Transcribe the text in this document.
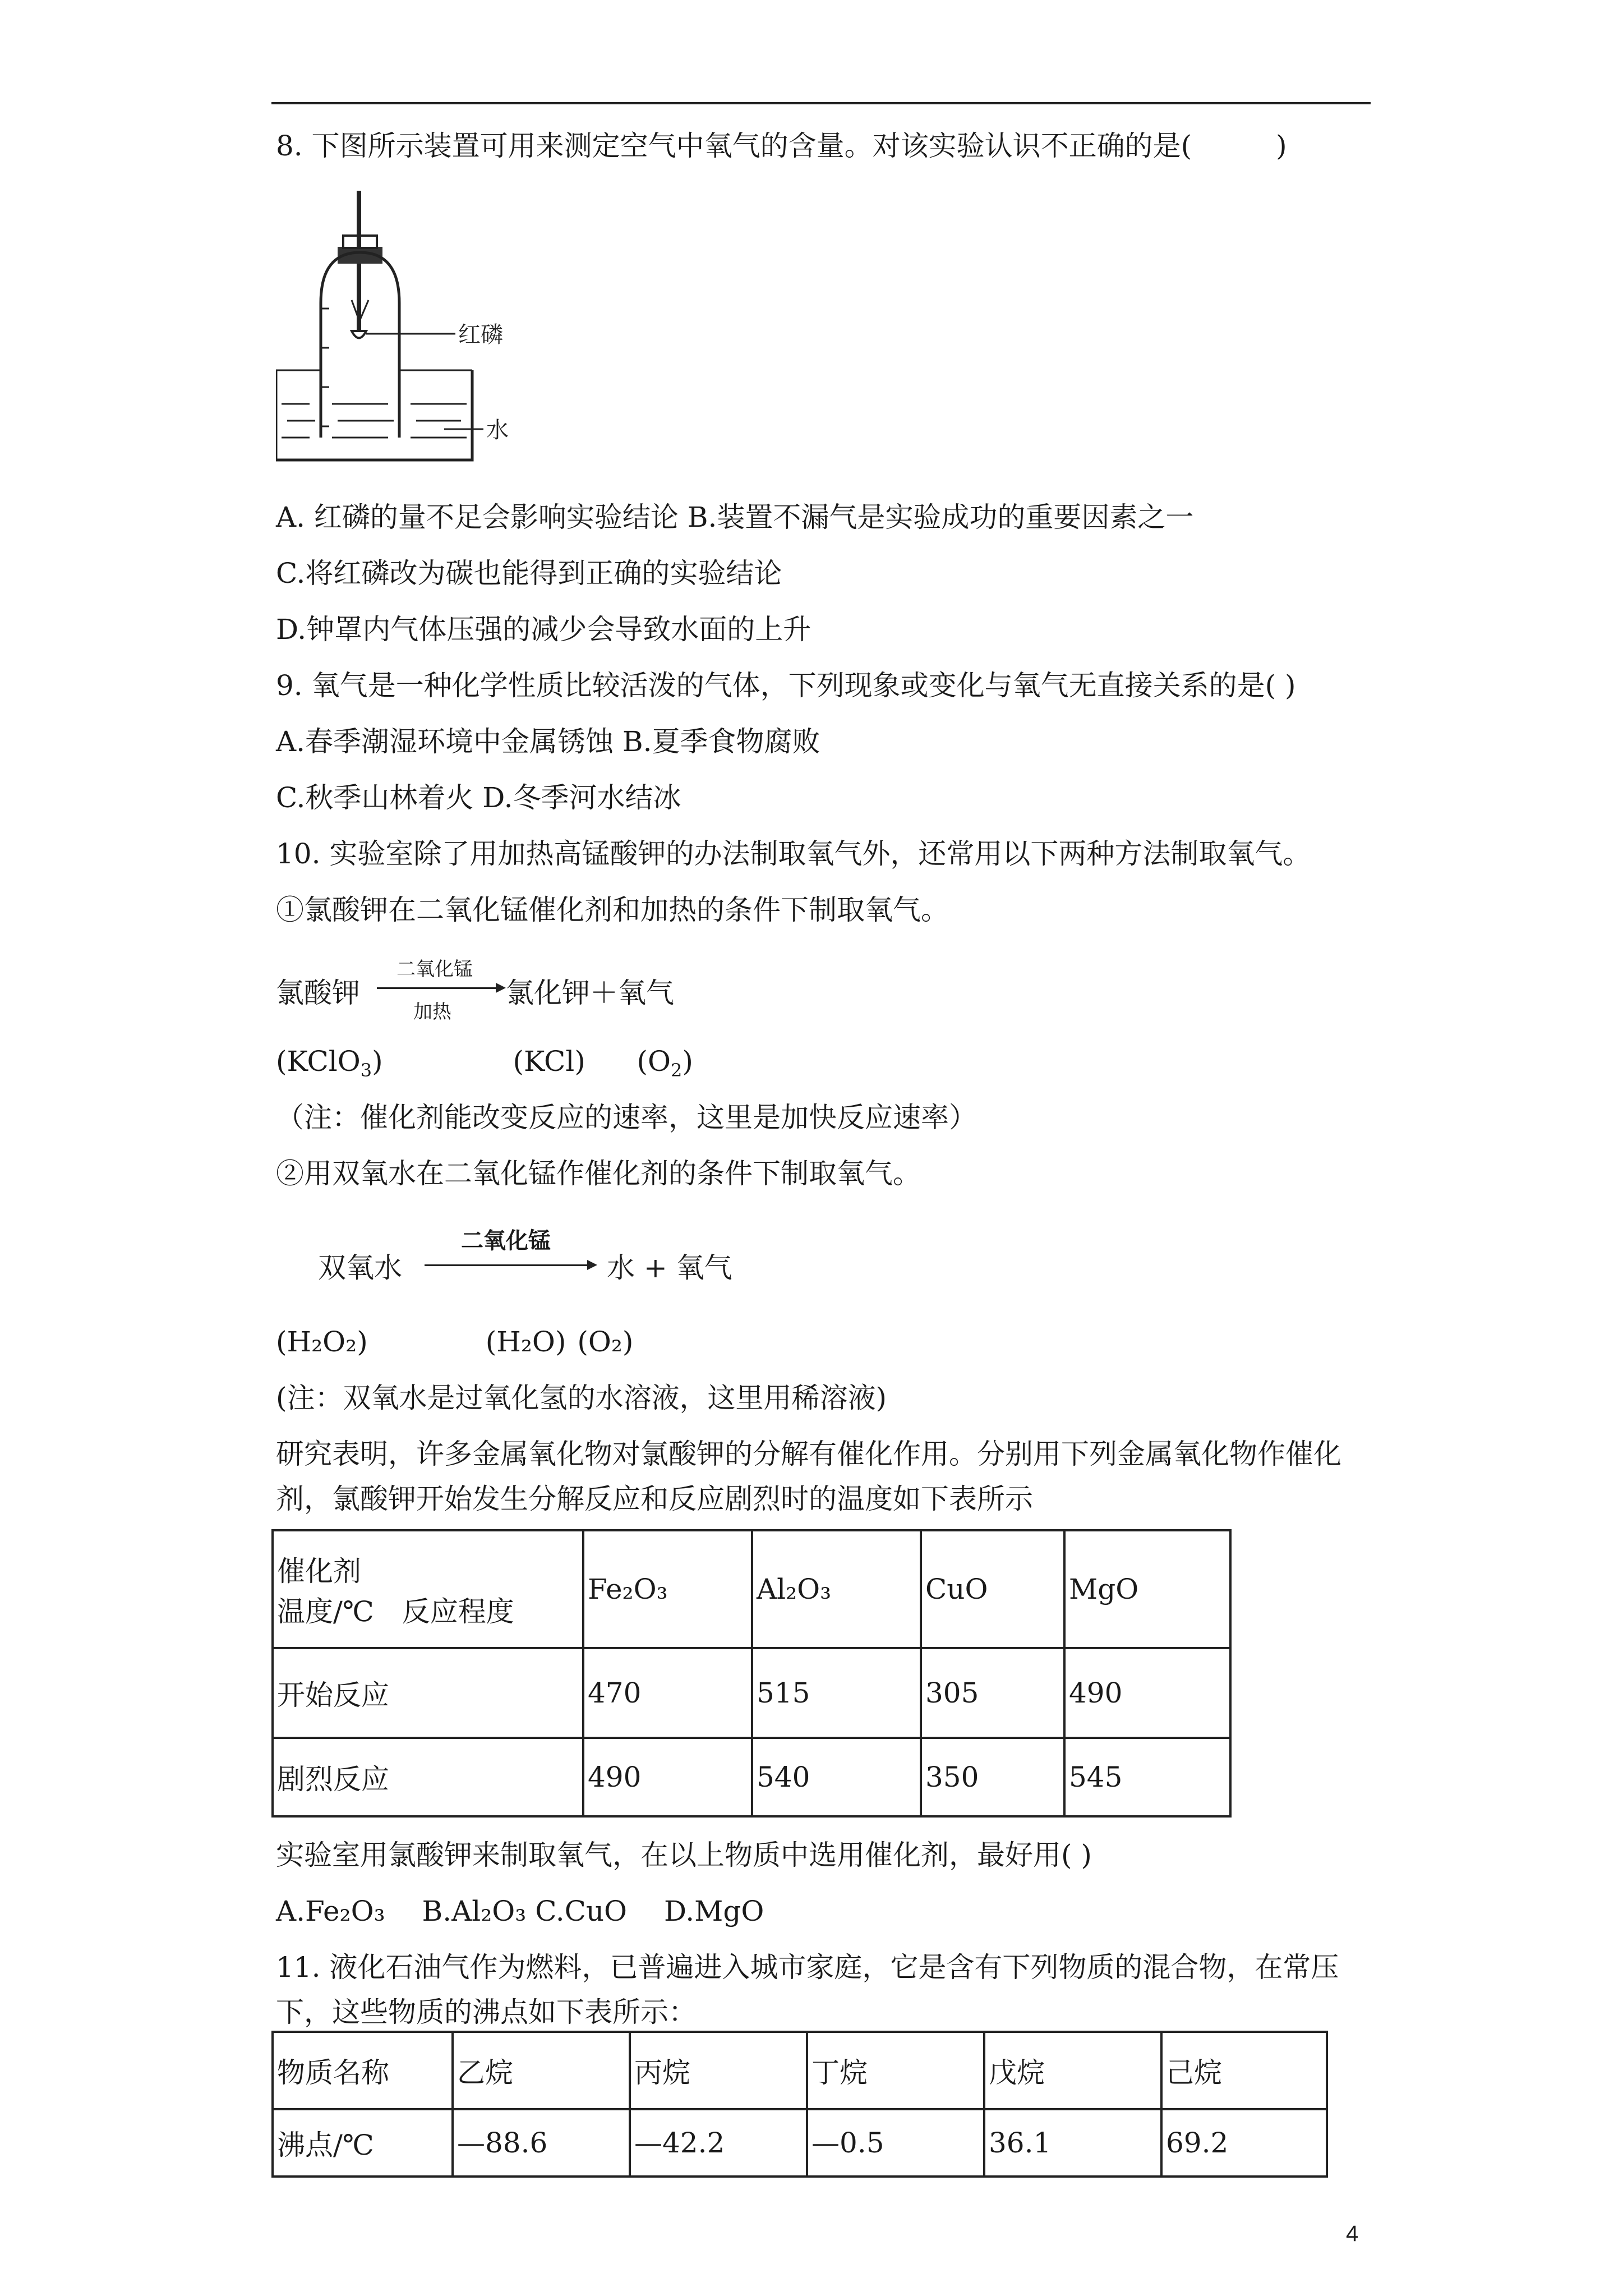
8. 下图所示装置可用来测定空气中氧气的含量。对该实验认识不正确的是(　　　)
红磷
水
A. 红磷的量不足会影响实验结论 B.装置不漏气是实验成功的重要因素之一
C.将红磷改为碳也能得到正确的实验结论
D.钟罩内气体压强的减少会导致水面的上升
9. 氧气是一种化学性质比较活泼的气体，下列现象或变化与氧气无直接关系的是( )
A.春季潮湿环境中金属锈蚀 B.夏季食物腐败
C.秋季山林着火 D.冬季河水结冰
10. 实验室除了用加热高锰酸钾的办法制取氧气外，还常用以下两种方法制取氧气。
①氯酸钾在二氧化锰催化剂和加热的条件下制取氧气。
氯酸钾
二氧化锰
加热
氯化钾＋氧气
(KClO$_3$)	(KCl) $(O_2)$
（注：催化剂能改变反应的速率，这里是加快反应速率）
②用双氧水在二氧化锰作催化剂的条件下制取氧气。
双氧水
二氧化锰
水 + 氧气
(H₂O₂)	(H₂O) (O₂)
(注：双氧水是过氧化氢的水溶液，这里用稀溶液)
研究表明，许多金属氧化物对氯酸钾的分解有催化作用。分别用下列金属氧化物作催化
剂，氯酸钾开始发生分解反应和反应剧烈时的温度如下表所示
催化剂
温度/℃　反应程度	Fe₂O₃	Al₂O₃	CuO	MgO
开始反应	470	515	305	490
剧烈反应	490	540	350	545
实验室用氯酸钾来制取氧气，在以上物质中选用催化剂，最好用( )
A.Fe₂O₃　 B.Al₂O₃ C.CuO　 D.MgO
11. 液化石油气作为燃料，已普遍进入城市家庭，它是含有下列物质的混合物，在常压
下，这些物质的沸点如下表所示：
物质名称	乙烷	丙烷	丁烷	戊烷	己烷
沸点/℃	—88.6	—42.2	—0.5	36.1	69.2
4
